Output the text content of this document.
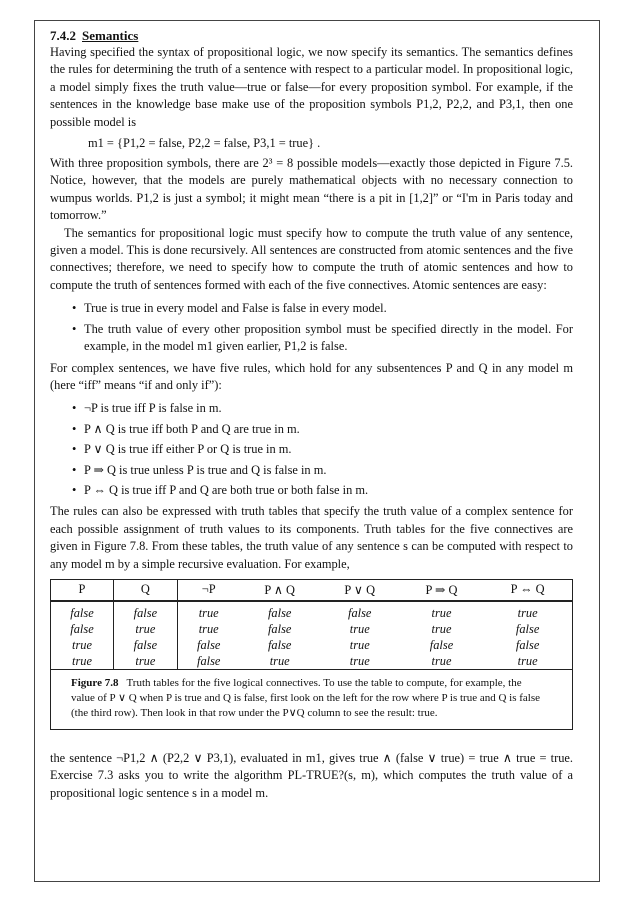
7.4.2 Semantics

Having specified the syntax of propositional logic, we now specify its semantics. The semantics defines the rules for determining the truth of a sentence with respect to a particular model. In propositional logic, a model simply fixes the truth value—true or false—for every proposition symbol. For example, if the sentences in the knowledge base make use of the proposition symbols P1,2, P2,2, and P3,1, then one possible model is

m1 = {P1,2 = false, P2,2 = false, P3,1 = true} .

With three proposition symbols, there are 2³ = 8 possible models—exactly those depicted in Figure 7.5. Notice, however, that the models are purely mathematical objects with no necessary connection to wumpus worlds. P1,2 is just a symbol; it might mean “there is a pit in [1,2]” or “I'm in Paris today and tomorrow.”

The semantics for propositional logic must specify how to compute the truth value of any sentence, given a model. This is done recursively. All sentences are constructed from atomic sentences and the five connectives; therefore, we need to specify how to compute the truth of atomic sentences and how to compute the truth of sentences formed with each of the five connectives. Atomic sentences are easy:

• True is true in every model and False is false in every model.
• The truth value of every other proposition symbol must be specified directly in the model. For example, in the model m1 given earlier, P1,2 is false.

For complex sentences, we have five rules, which hold for any subsentences P and Q in any model m (here “iff” means “if and only if”):

• ¬P is true iff P is false in m.
• P ∧ Q is true iff both P and Q are true in m.
• P ∨ Q is true iff either P or Q is true in m.
• P ⇒ Q is true unless P is true and Q is false in m.
• P ⇔ Q is true iff P and Q are both true or both false in m.

The rules can also be expressed with truth tables that specify the truth value of a complex sentence for each possible assignment of truth values to its components. Truth tables for the five connectives are given in Figure 7.8. From these tables, the truth value of any sentence s can be computed with respect to any model m by a simple recursive evaluation. For example,

P	Q	¬P	P ∧ Q	P ∨ Q	P ⇒ Q	P ⇔ Q
false	false	true	false	false	true	true
false	true	true	false	true	true	false
true	false	false	false	true	false	false
true	true	false	true	true	true	true
Figure 7.8 Truth tables for the five logical connectives. To use the table to compute, for example, the value of P ∨ Q when P is true and Q is false, first look on the left for the row where P is true and Q is false (the third row). Then look in that row under the P∨Q column to see the result: true.

the sentence ¬P1,2 ∧ (P2,2 ∨ P3,1), evaluated in m1, gives true ∧ (false ∨ true) = true ∧ true = true. Exercise 7.3 asks you to write the algorithm PL-TRUE?(s, m), which computes the truth value of a propositional logic sentence s in a model m.
